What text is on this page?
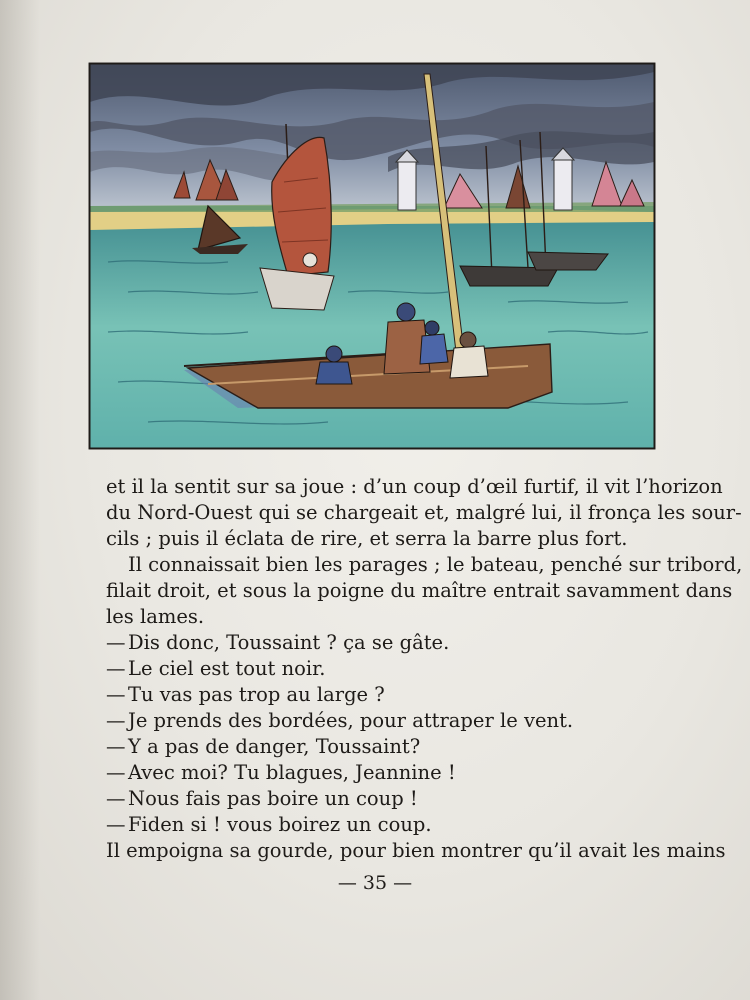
et il la sentit sur sa joue : d’un coup d’œil furtif, il vit l’horizon
du Nord-Ouest qui se chargeait et, malgré lui, il fronça les sour-
cils ; puis il éclata de rire, et serra la barre plus fort.
Il connaissait bien les parages ; le bateau, penché sur tribord,
filait droit, et sous la poigne du maître entrait savamment dans
les lames.
— Dis donc, Toussaint ? ça se gâte.
— Le ciel est tout noir.
— Tu vas pas trop au large ?
— Je prends des bordées, pour attraper le vent.
— Y a pas de danger, Toussaint?
— Avec moi? Tu blagues, Jeannine !
— Nous fais pas boire un coup !
— Fiden si ! vous boirez un coup.
Il empoigna sa gourde, pour bien montrer qu’il avait les mains
— 35 —
